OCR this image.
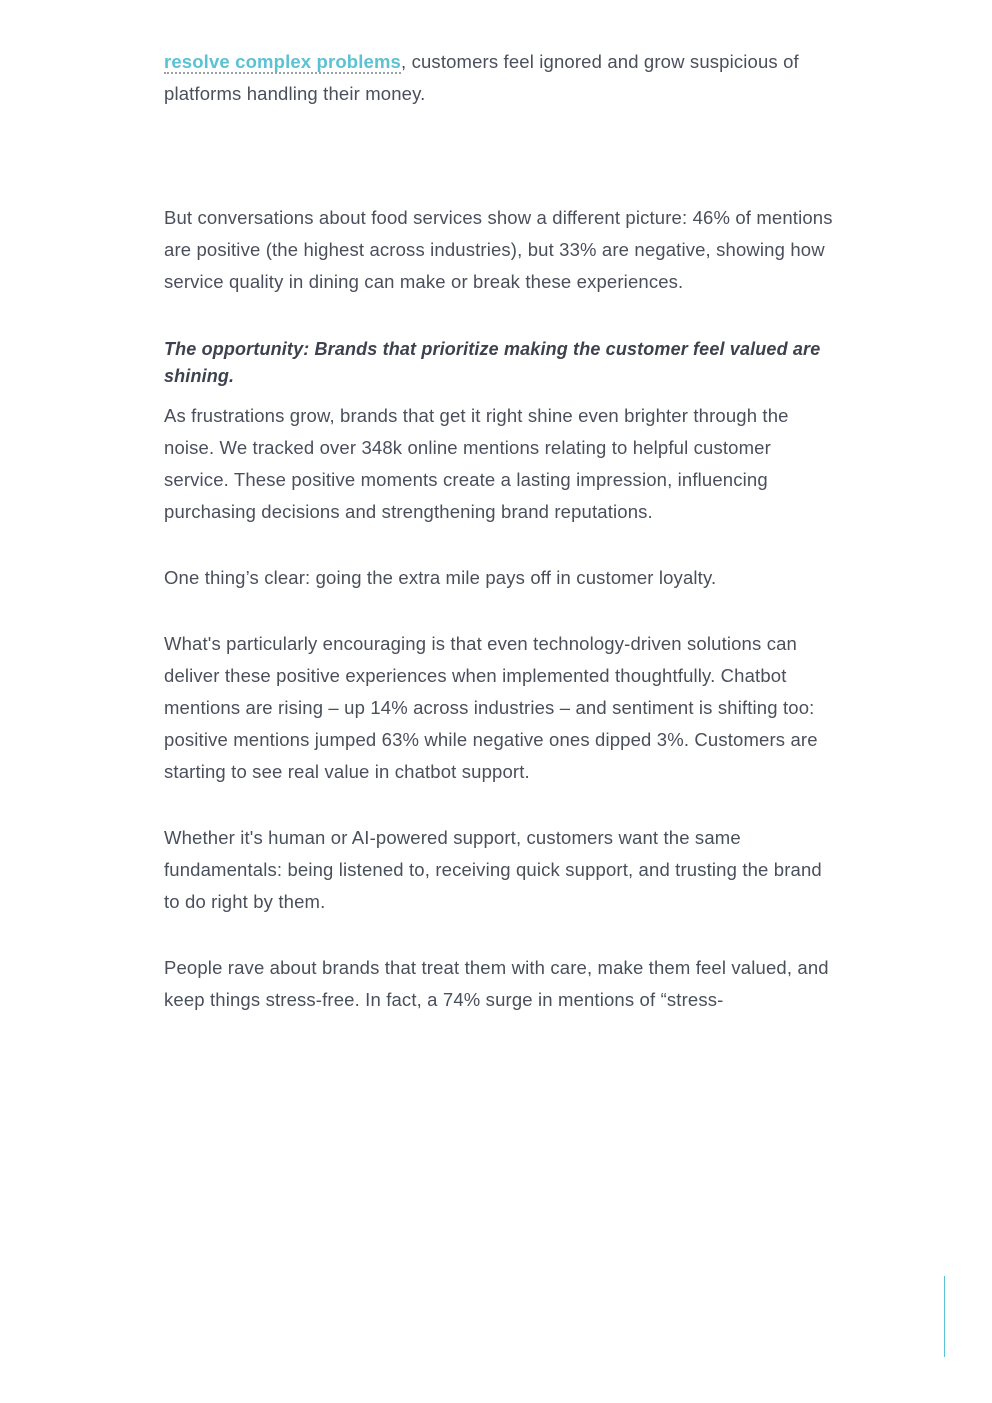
resolve complex problems, customers feel ignored and grow suspicious of platforms handling their money.

But conversations about food services show a different picture: 46% of mentions are positive (the highest across industries), but 33% are negative, showing how service quality in dining can make or break these experiences.

The opportunity: Brands that prioritize making the customer feel valued are shining.

As frustrations grow, brands that get it right shine even brighter through the noise. We tracked over 348k online mentions relating to helpful customer service. These positive moments create a lasting impression, influencing purchasing decisions and strengthening brand reputations.

One thing’s clear: going the extra mile pays off in customer loyalty.

What's particularly encouraging is that even technology-driven solutions can deliver these positive experiences when implemented thoughtfully. Chatbot mentions are rising – up 14% across industries – and sentiment is shifting too: positive mentions jumped 63% while negative ones dipped 3%. Customers are starting to see real value in chatbot support.

Whether it's human or AI-powered support, customers want the same fundamentals: being listened to, receiving quick support, and trusting the brand to do right by them.

People rave about brands that treat them with care, make them feel valued, and keep things stress-free. In fact, a 74% surge in mentions of “stress-
